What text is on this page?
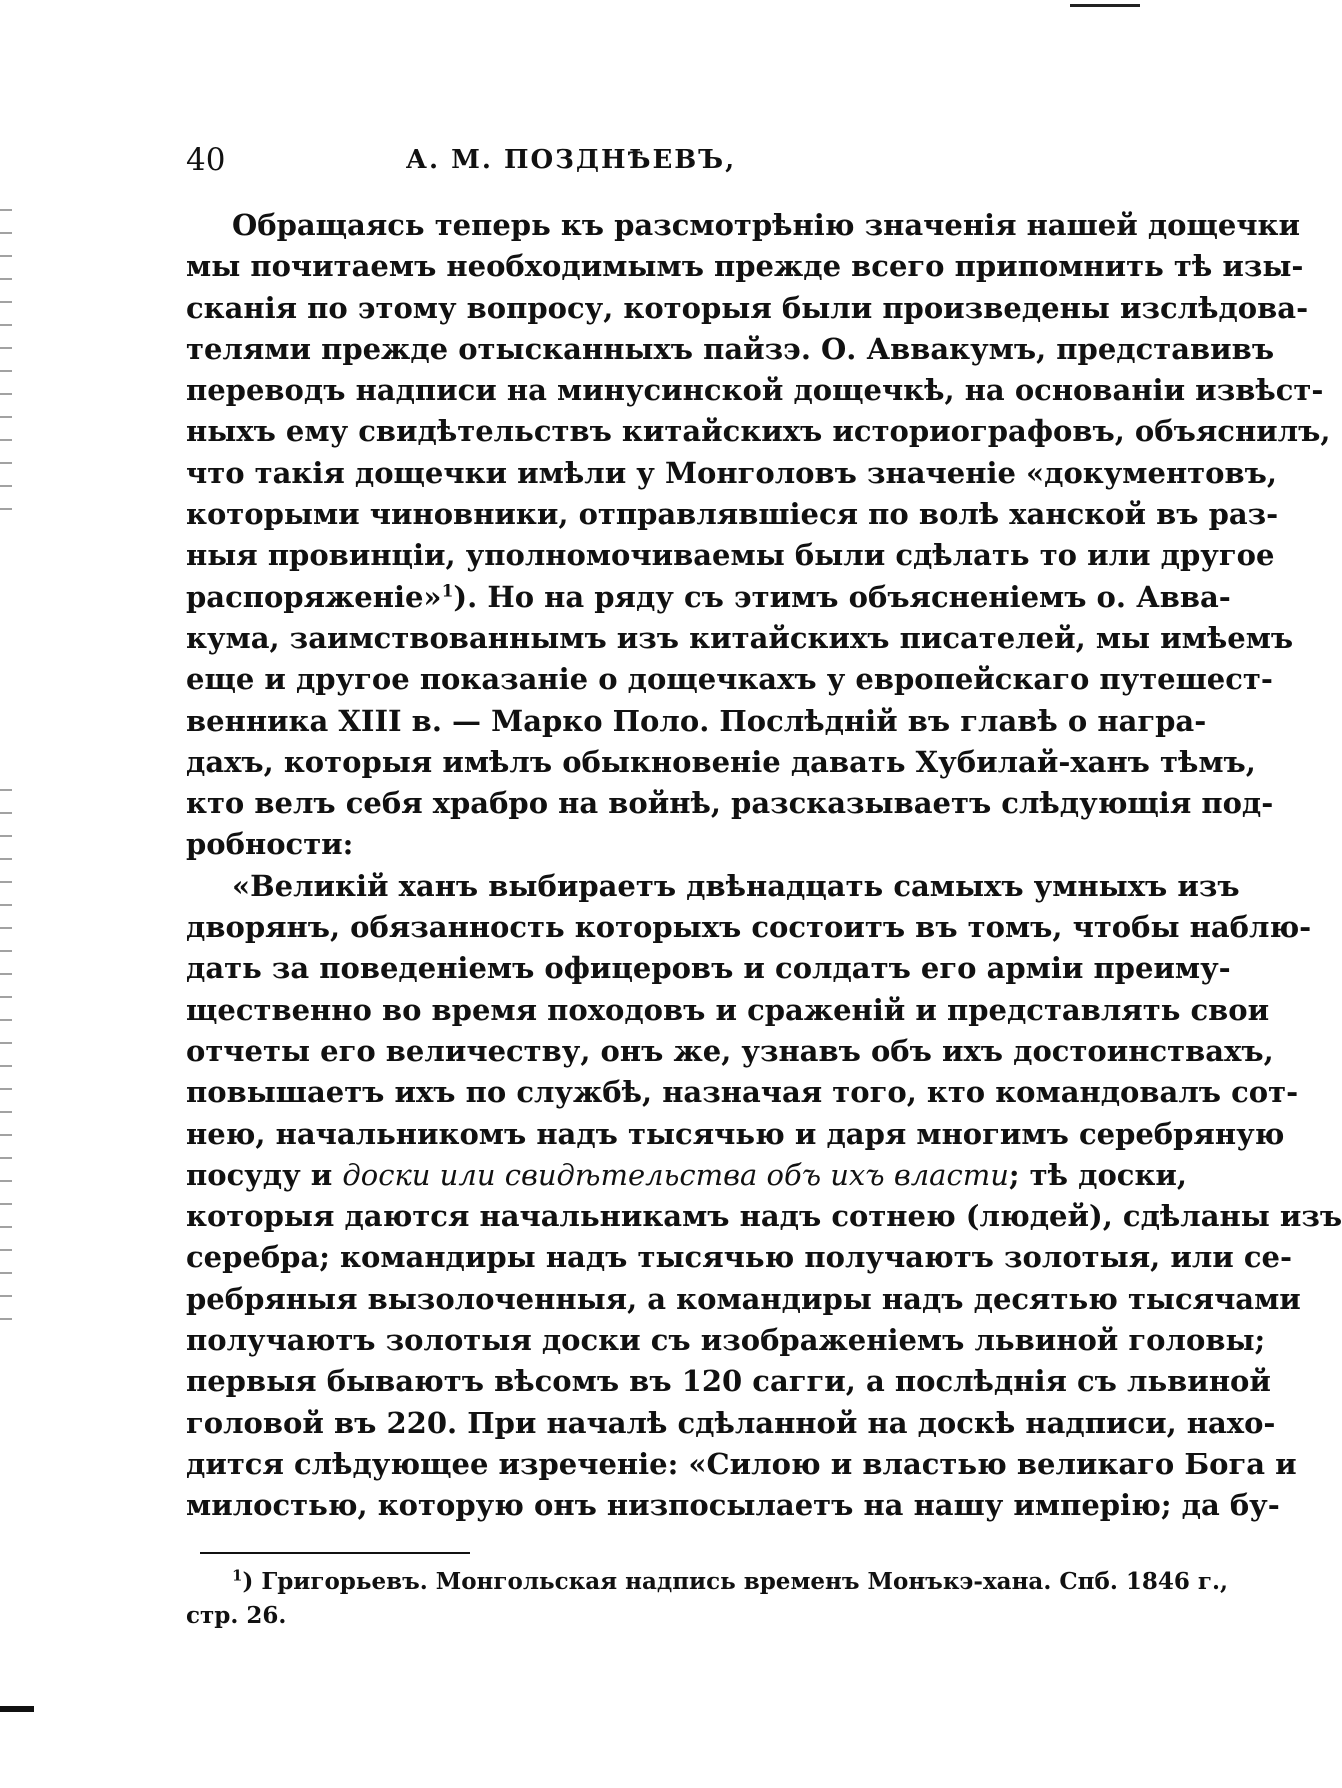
40	А. М. ПОЗДНѢЕВЪ,
Обращаясь теперь къ разсмотрѣнію значенія нашей дощечки
мы почитаемъ необходимымъ прежде всего припомнить тѣ изы-
сканія по этому вопросу, которыя были произведены изслѣдова-
телями прежде отысканныхъ пайзэ. О. Аввакумъ, представивъ
переводъ надписи на минусинской дощечкѣ, на основаніи извѣст-
ныхъ ему свидѣтельствъ китайскихъ историографовъ, объяснилъ,
что такія дощечки имѣли у Монголовъ значеніе «документовъ,
которыми чиновники, отправлявшіеся по волѣ ханской въ раз-
ныя провинціи, уполномочиваемы были сдѣлать то или другое
распоряженіе»$^1$). Но на ряду съ этимъ объясненіемъ о. Авва-
кума, заимствованнымъ изъ китайскихъ писателей, мы имѣемъ
еще и другое показаніе о дощечкахъ у европейскаго путешест-
венника XIII в. — Марко Поло. Послѣдній въ главѣ о награ-
дахъ, которыя имѣлъ обыкновеніе давать Хубилай-ханъ тѣмъ,
кто велъ себя храбро на войнѣ, разсказываетъ слѣдующія под-
робности:
«Великій ханъ выбираетъ двѣнадцать самыхъ умныхъ изъ
дворянъ, обязанность которыхъ состоитъ въ томъ, чтобы наблю-
дать за поведеніемъ офицеровъ и солдатъ его арміи преиму-
щественно во время походовъ и сраженій и представлять свои
отчеты его величеству, онъ же, узнавъ объ ихъ достоинствахъ,
повышаетъ ихъ по службѣ, назначая того, кто командовалъ сот-
нею, начальникомъ надъ тысячью и даря многимъ серебряную
посуду и доски или свидѣтельства объ ихъ власти; тѣ доски,
которыя даются начальникамъ надъ сотнею (людей), сдѣланы изъ
серебра; командиры надъ тысячью получаютъ золотыя, или се-
ребряныя вызолоченныя, а командиры надъ десятью тысячами
получаютъ золотыя доски съ изображеніемъ львиной головы;
первыя бываютъ вѣсомъ въ 120 сагги, а послѣднія съ львиной
головой въ 220. При началѣ сдѣланной на доскѣ надписи, нахо-
дится слѣдующее изреченіе: «Силою и властью великаго Бога и
милостью, которую онъ низпосылаетъ на нашу имперію; да бу-
$^1$) Григорьевъ. Монгольская надпись временъ Монъкэ-хана. Спб. 1846 г.,
стр. 26.
